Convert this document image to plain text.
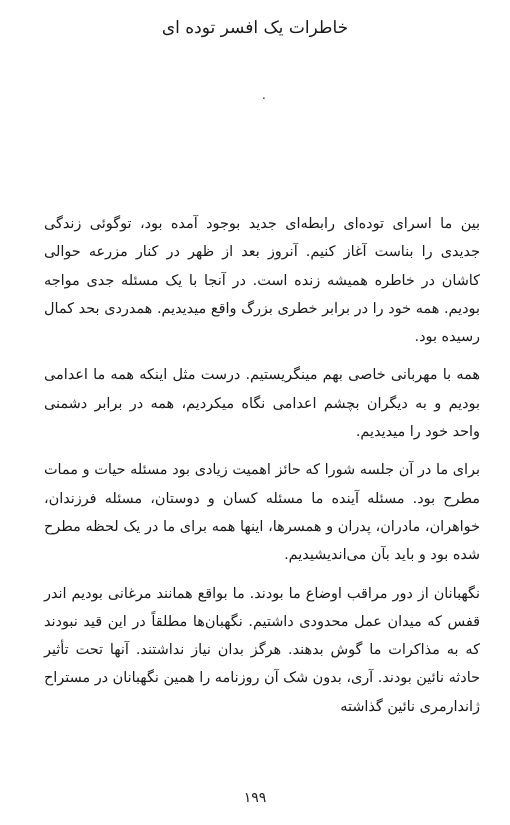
خاطرات یک افسر توده ای
.

بین ما اسرای توده‌ای رابطه‌ای جدید بوجود آمده بود، توگوئی زندگی جدیدی را بناست آغاز کنیم. آنروز بعد از ظهر در کنار مزرعه حوالی کاشان در خاطره همیشه زنده است. در آنجا با یک مسئله جدی مواجه بودیم. همه خود را در برابر خطری بزرگ واقع میدیدیم. همدردی بحد کمال رسیده بود.

همه با مهربانی خاصی بهم مینگریستیم. درست مثل اینکه همه ما اعدامی بودیم و به دیگران بچشم اعدامی نگاه میکردیم، همه در برابر دشمنی واحد خود را میدیدیم.

برای ما در آن جلسه شورا که حائز اهمیت زیادی بود مسئله حیات و ممات مطرح بود. مسئله آینده ما مسئله کسان و دوستان، مسئله فرزندان، خواهران، مادران، پدران و همسرها، اینها همه برای ما در یک لحظه مطرح شده بود و باید بآن می‌اندیشیدیم.

نگهبانان از دور مراقب اوضاع ما بودند. ما بواقع همانند مرغانی بودیم اندر قفس که میدان عمل محدودی داشتیم. نگهبان‌ها مطلقاً در این قید نبودند که به مذاکرات ما گوش بدهند. هرگز بدان نیاز نداشتند. آنها تحت تأثیر حادثه نائین بودند. آری، بدون شک آن روزنامه را همین نگهبانان در مستراح ژاندارمری نائین گذاشته

۱۹۹
